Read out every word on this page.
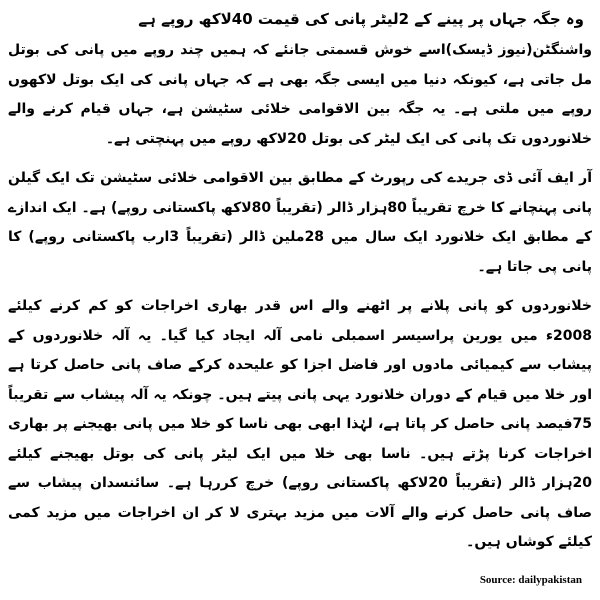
وہ جگہ جہاں پر پینے کے 2لیٹر پانی کی قیمت 40لاکھ روپے ہے

واشنگٹن(نیوز ڈیسک)اسے خوش قسمتی جانئے کہ ہمیں چند روپے میں پانی کی بوتل مل جاتی ہے، کیونکہ دنیا میں ایسی جگہ بھی ہے کہ جہاں پانی کی ایک بوتل لاکھوں روپے میں ملتی ہے۔ یہ جگہ بین الاقوامی خلائی سٹیشن ہے، جہاں قیام کرنے والے خلانوردوں تک پانی کی ایک لیٹر کی بوتل 20لاکھ روپے میں پہنچتی ہے۔

آر ایف آئی ڈی جریدے کی رپورٹ کے مطابق بین الاقوامی خلائی سٹیشن تک ایک گیلن پانی پہنچانے کا خرچ تقریباً 80ہزار ڈالر (تقریباً 80لاکھ پاکستانی روپے) ہے۔ ایک اندازے کے مطابق ایک خلانورد ایک سال میں 28ملین ڈالر (تقریباً 3ارب پاکستانی روپے) کا پانی پی جاتا ہے۔

خلانوردوں کو پانی پلانے پر اٹھنے والے اس قدر بھاری اخراجات کو کم کرنے کیلئے 2008ء میں یورین پراسیسر اسمبلی نامی آلہ ایجاد کیا گیا۔ یہ آلہ خلانوردوں کے پیشاب سے کیمیائی مادوں اور فاضل اجزا کو علیحدہ کرکے صاف پانی حاصل کرتا ہے اور خلا میں قیام کے دوران خلانورد یہی پانی پیتے ہیں۔ چونکہ یہ آلہ پیشاب سے تقریباً 75فیصد پانی حاصل کر پاتا ہے، لہٰذا ابھی بھی ناسا کو خلا میں پانی بھیجنے پر بھاری اخراجات کرنا پڑتے ہیں۔ ناسا بھی خلا میں ایک لیٹر پانی کی بوتل بھیجنے کیلئے 20ہزار ڈالر (تقریباً 20لاکھ پاکستانی روپے) خرچ کررہا ہے۔ سائنسدان پیشاب سے صاف پانی حاصل کرنے والے آلات میں مزید بہتری لا کر ان اخراجات میں مزید کمی کیلئے کوشاں ہیں۔

Source: dailypakistan
